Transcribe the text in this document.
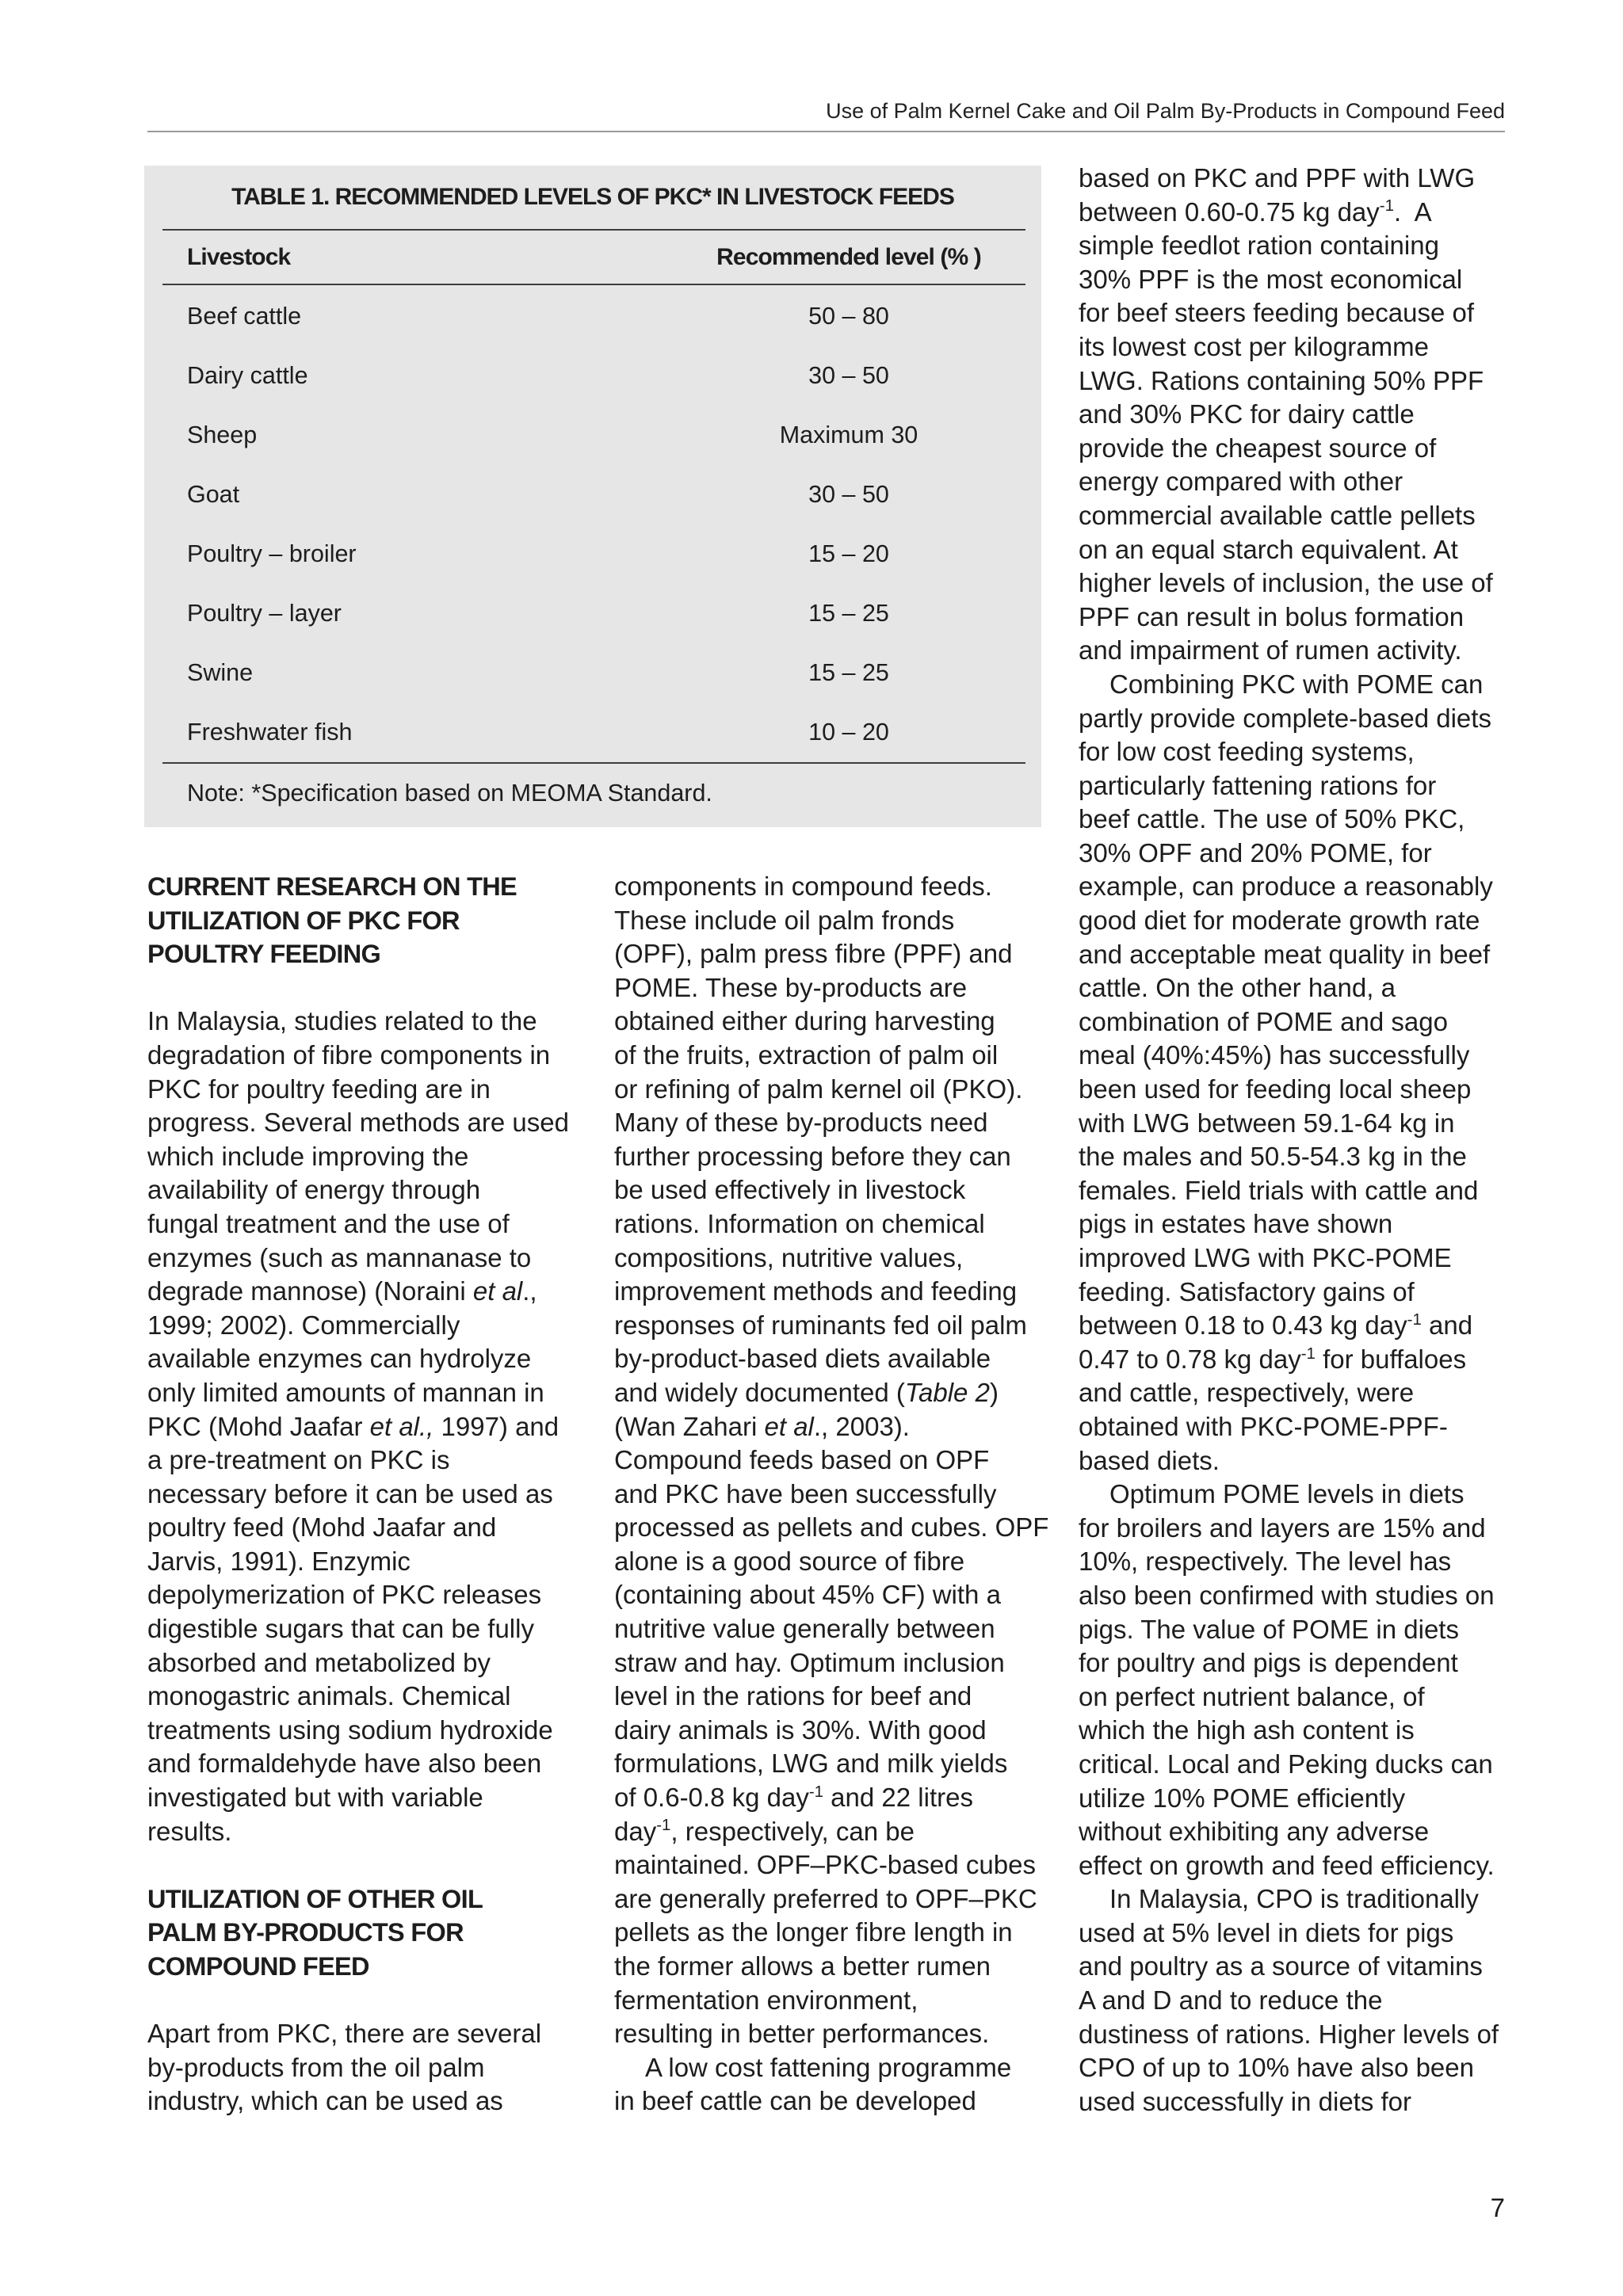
Use of Palm Kernel Cake and Oil Palm By-Products in Compound Feed
TABLE 1. RECOMMENDED LEVELS OF PKC* IN LIVESTOCK FEEDS
Livestock	Recommended level (% )
Beef cattle	50 – 80
Dairy cattle	30 – 50
Sheep	Maximum 30
Goat	30 – 50
Poultry – broiler	15 – 20
Poultry – layer	15 – 25
Swine	15 – 25
Freshwater fish	10 – 20
Note: *Specification based on MEOMA Standard.
CURRENT RESEARCH ON THE
UTILIZATION OF PKC FOR
POULTRY FEEDING
In Malaysia, studies related to the
degradation of fibre components in
PKC for poultry feeding are in
progress. Several methods are used
which include improving the
availability of energy through
fungal treatment and the use of
enzymes (such as mannanase to
degrade mannose) (Noraini et al.,
1999; 2002). Commercially
available enzymes can hydrolyze
only limited amounts of mannan in
PKC (Mohd Jaafar et al., 1997) and
a pre-treatment on PKC is
necessary before it can be used as
poultry feed (Mohd Jaafar and
Jarvis, 1991). Enzymic
depolymerization of PKC releases
digestible sugars that can be fully
absorbed and metabolized by
monogastric animals. Chemical
treatments using sodium hydroxide
and formaldehyde have also been
investigated but with variable
results.
UTILIZATION OF OTHER OIL
PALM BY-PRODUCTS FOR
COMPOUND FEED
Apart from PKC, there are several
by-products from the oil palm
industry, which can be used as
components in compound feeds.
These include oil palm fronds
(OPF), palm press fibre (PPF) and
POME. These by-products are
obtained either during harvesting
of the fruits, extraction of palm oil
or refining of palm kernel oil (PKO).
Many of these by-products need
further processing before they can
be used effectively in livestock
rations. Information on chemical
compositions, nutritive values,
improvement methods and feeding
responses of ruminants fed oil palm
by-product-based diets available
and widely documented (Table 2)
(Wan Zahari et al., 2003).
Compound feeds based on OPF
and PKC have been successfully
processed as pellets and cubes. OPF
alone is a good source of fibre
(containing about 45% CF) with a
nutritive value generally between
straw and hay. Optimum inclusion
level in the rations for beef and
dairy animals is 30%. With good
formulations, LWG and milk yields
of 0.6-0.8 kg day$^{-1}$ and 22 litres
day$^{-1}$, respectively, can be
maintained. OPF–PKC-based cubes
are generally preferred to OPF–PKC
pellets as the longer fibre length in
the former allows a better rumen
fermentation environment,
resulting in better performances.
A low cost fattening programme
in beef cattle can be developed
based on PKC and PPF with LWG
between 0.60-0.75 kg day$^{-1}$.  A
simple feedlot ration containing
30% PPF is the most economical
for beef steers feeding because of
its lowest cost per kilogramme
LWG. Rations containing 50% PPF
and 30% PKC for dairy cattle
provide the cheapest source of
energy compared with other
commercial available cattle pellets
on an equal starch equivalent. At
higher levels of inclusion, the use of
PPF can result in bolus formation
and impairment of rumen activity.
Combining PKC with POME can
partly provide complete-based diets
for low cost feeding systems,
particularly fattening rations for
beef cattle. The use of 50% PKC,
30% OPF and 20% POME, for
example, can produce a reasonably
good diet for moderate growth rate
and acceptable meat quality in beef
cattle. On the other hand, a
combination of POME and sago
meal (40%:45%) has successfully
been used for feeding local sheep
with LWG between 59.1-64 kg in
the males and 50.5-54.3 kg in the
females. Field trials with cattle and
pigs in estates have shown
improved LWG with PKC-POME
feeding. Satisfactory gains of
between 0.18 to 0.43 kg day$^{-1}$ and
0.47 to 0.78 kg day$^{-1}$ for buffaloes
and cattle, respectively, were
obtained with PKC-POME-PPF-
based diets.
Optimum POME levels in diets
for broilers and layers are 15% and
10%, respectively. The level has
also been confirmed with studies on
pigs. The value of POME in diets
for poultry and pigs is dependent
on perfect nutrient balance, of
which the high ash content is
critical. Local and Peking ducks can
utilize 10% POME efficiently
without exhibiting any adverse
effect on growth and feed efficiency.
In Malaysia, CPO is traditionally
used at 5% level in diets for pigs
and poultry as a source of vitamins
A and D and to reduce the
dustiness of rations. Higher levels of
CPO of up to 10% have also been
used successfully in diets for
7
